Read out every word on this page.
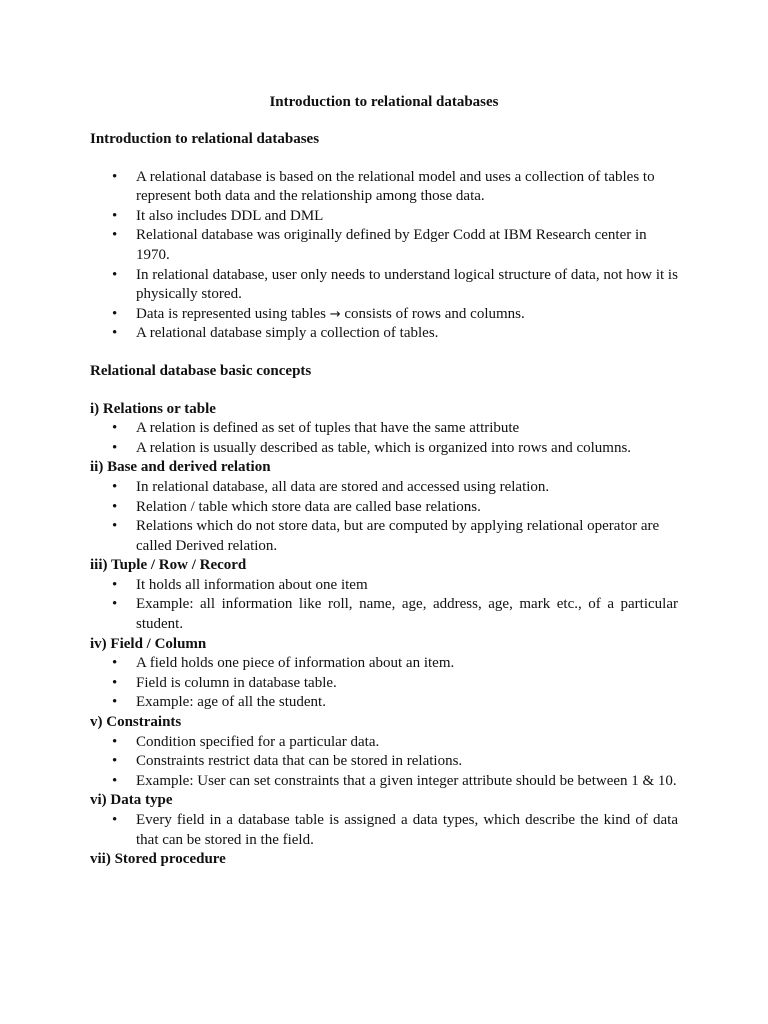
Introduction to relational databases
Introduction to relational databases
• A relational database is based on the relational model and uses a collection of tables to represent both data and the relationship among those data.
• It also includes DDL and DML
• Relational database was originally defined by Edger Codd at IBM Research center in 1970.
• In relational database, user only needs to understand logical structure of data, not how it is physically stored.
• Data is represented using tables → consists of rows and columns.
• A relational database simply a collection of tables.
Relational database basic concepts
i) Relations or table
• A relation is defined as set of tuples that have the same attribute
• A relation is usually described as table, which is organized into rows and columns.
ii) Base and derived relation
• In relational database, all data are stored and accessed using relation.
• Relation / table which store data are called base relations.
• Relations which do not store data, but are computed by applying relational operator are called Derived relation.
iii) Tuple / Row / Record
• It holds all information about one item
• Example: all information like roll, name, age, address, age, mark etc., of a particular student.
iv) Field / Column
• A field holds one piece of information about an item.
• Field is column in database table.
• Example: age of all the student.
v) Constraints
• Condition specified for a particular data.
• Constraints restrict data that can be stored in relations.
• Example: User can set constraints that a given integer attribute should be between 1 & 10.
vi) Data type
• Every field in a database table is assigned a data types, which describe the kind of data that can be stored in the field.
vii) Stored procedure
